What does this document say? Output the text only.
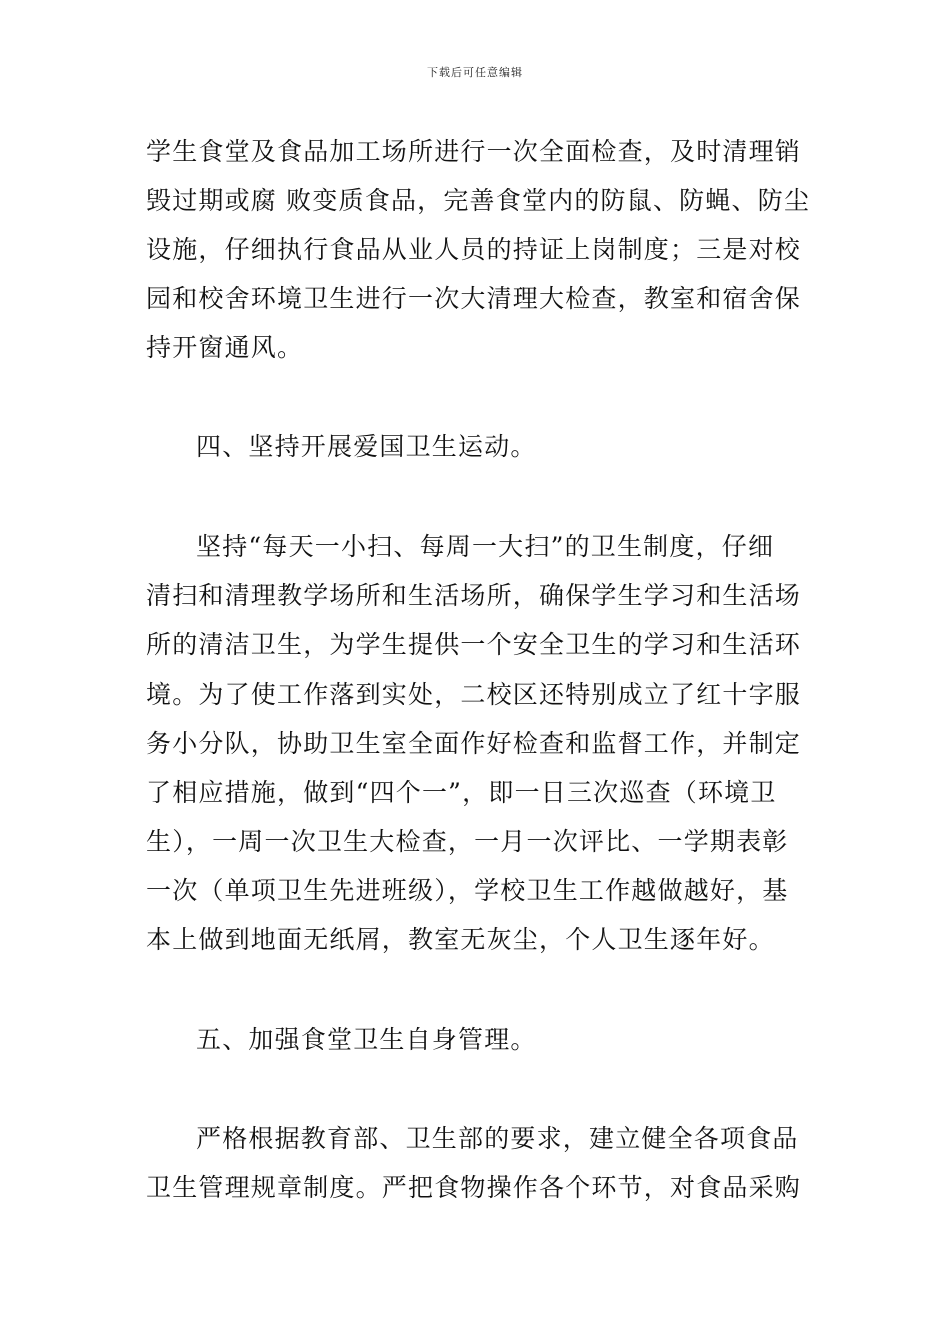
下载后可任意编辑
学生食堂及食品加工场所进行一次全面检查，及时清理销
毁过期或腐 败变质食品，完善食堂内的防鼠、防蝇、防尘
设施，仔细执行食品从业人员的持证上岗制度；三是对校
园和校舍环境卫生进行一次大清理大检查，教室和宿舍保
持开窗通风。
四、坚持开展爱国卫生运动。
坚持“每天一小扫、每周一大扫”的卫生制度，仔细
清扫和清理教学场所和生活场所，确保学生学习和生活场
所的清洁卫生，为学生提供一个安全卫生的学习和生活环
境。为了使工作落到实处，二校区还特别成立了红十字服
务小分队，协助卫生室全面作好检查和监督工作，并制定
了相应措施，做到“四个一”，即一日三次巡查（环境卫
生），一周一次卫生大检查，一月一次评比、一学期表彰
一次（单项卫生先进班级），学校卫生工作越做越好，基
本上做到地面无纸屑，教室无灰尘，个人卫生逐年好。
五、加强食堂卫生自身管理。
严格根据教育部、卫生部的要求，建立健全各项食品
卫生管理规章制度。严把食物操作各个环节，对食品采购
